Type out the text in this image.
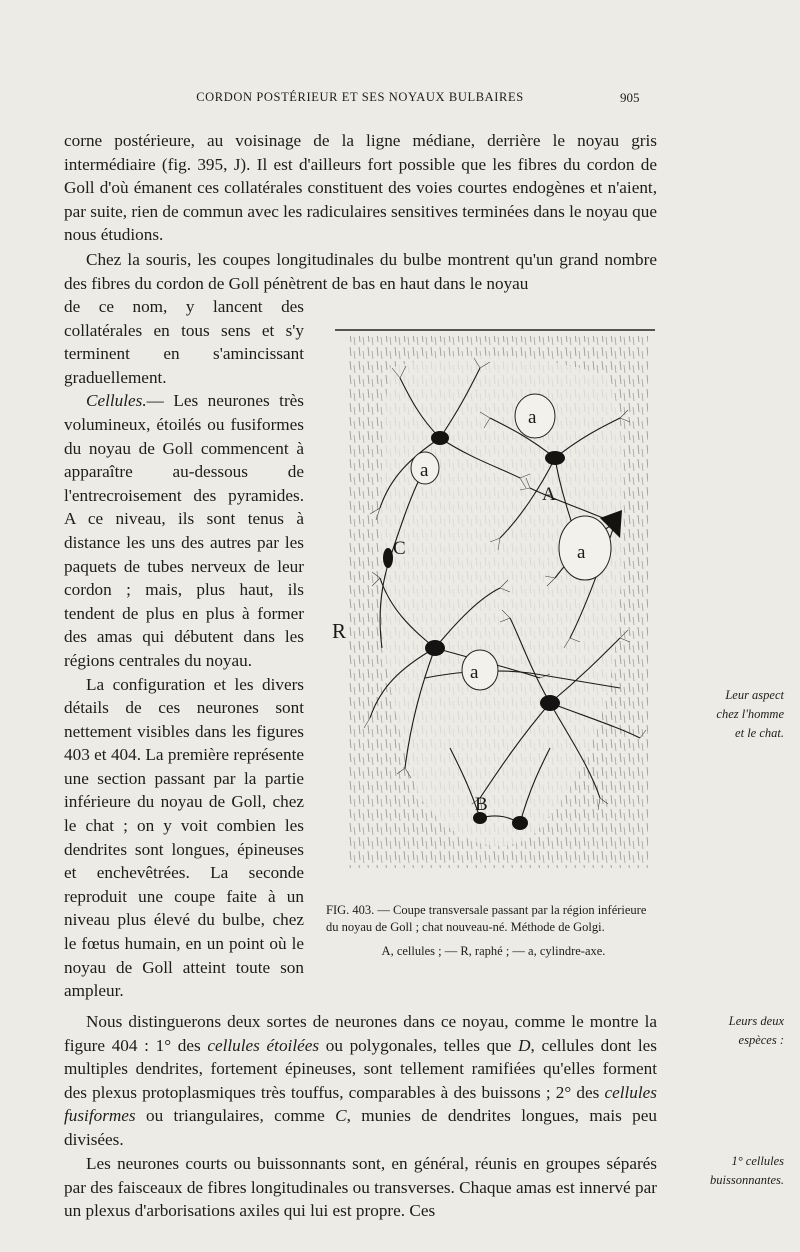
CORDON POSTÉRIEUR ET SES NOYAUX BULBAIRES	905

corne postérieure, au voisinage de la ligne médiane, derrière le noyau gris intermédiaire (fig. 395, J). Il est d'ailleurs fort possible que les fibres du cordon de Goll d'où émanent ces collatérales constituent des voies courtes endogènes et n'aient, par suite, rien de commun avec les radiculaires sensitives terminées dans le noyau que nous étudions.

Chez la souris, les coupes longitudinales du bulbe montrent qu'un grand nombre des fibres du cordon de Goll pénètrent de bas en haut dans le noyau

de ce nom, y lancent des collatérales en tous sens et s'y terminent en s'amincissant graduellement.

Cellules.— Les neurones très volumineux, étoilés ou fusiformes du noyau de Goll commencent à apparaître au-dessous de l'entrecroisement des pyramides. A ce niveau, ils sont tenus à distance les uns des autres par les paquets de tubes nerveux de leur cordon ; mais, plus haut, ils tendent de plus en plus à former des amas qui débutent dans les régions centrales du noyau.

La configuration et les divers détails de ces neurones sont nettement visibles dans les figures 403 et 404. La première représente une section passant par la partie inférieure du noyau de Goll, chez le chat ; on y voit combien les dendrites sont longues, épineuses et enchevêtrées. La seconde reproduit une coupe faite à un niveau plus élevé du bulbe, chez le fœtus humain, en un point où le noyau de Goll atteint toute son ampleur.

a
a
a
A
C
R
a
B

FIG. 403. — Coupe transversale passant par la région inférieure du noyau de Goll ; chat nouveau-né. Méthode de Golgi.

A, cellules ; — R, raphé ; — a, cylindre-axe.

Nous distinguerons deux sortes de neurones dans ce noyau, comme le montre la figure 404 : 1° des cellules étoilées ou polygonales, telles que D, cellules dont les multiples dendrites, fortement épineuses, sont tellement ramifiées qu'elles forment des plexus protoplasmiques très touffus, comparables à des buissons ; 2° des cellules fusiformes ou triangulaires, comme C, munies de dendrites longues, mais peu divisées.

Les neurones courts ou buissonnants sont, en général, réunis en groupes séparés par des faisceaux de fibres longitudinales ou transverses. Chaque amas est innervé par un plexus d'arborisations axiles qui lui est propre. Ces

Leur aspect
chez l'homme
et le chat.
Leurs deux
espèces :
1° cellules
buissonnantes.
